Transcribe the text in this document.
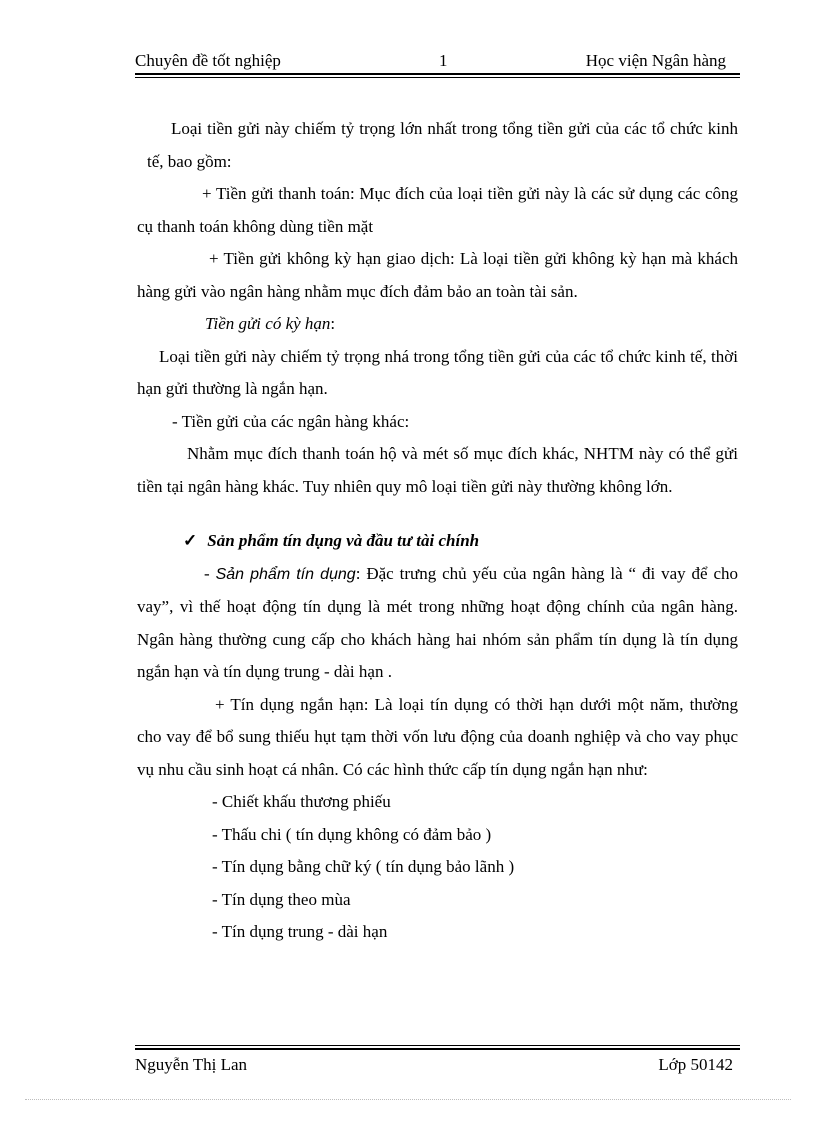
Chuyên đề tốt nghiệp	1	Học viện Ngân hàng

Loại tiền gửi này chiếm tỷ trọng lớn nhất trong tổng tiền gửi của các tổ chức kinh tế, bao gồm:

+ Tiền gửi thanh toán: Mục đích của loại tiền gửi này là các sử dụng các công cụ thanh toán không dùng tiền mặt

+ Tiền gửi không kỳ hạn giao dịch: Là loại tiền gửi không kỳ hạn mà khách hàng gửi vào ngân hàng nhằm mục đích đảm bảo an toàn tài sản.

Tiền gửi có kỳ hạn:

Loại tiền gửi này chiếm tỷ trọng nhá trong tổng tiền gửi của các tổ chức kinh tế, thời hạn gửi thường là ngắn hạn.

- Tiền gửi của các ngân hàng khác:

Nhằm mục đích thanh toán hộ và mét số mục đích khác, NHTM này có thể gửi tiền tại ngân hàng khác. Tuy nhiên quy mô loại tiền gửi này thường không lớn.

✓ Sản phẩm tín dụng và đầu tư tài chính

- Sản phẩm tín dụng: Đặc trưng chủ yếu của ngân hàng là “ đi vay để cho vay”, vì thế hoạt động tín dụng là mét trong những hoạt động chính của ngân hàng. Ngân hàng thường cung cấp cho khách hàng hai nhóm sản phẩm tín dụng là tín dụng ngắn hạn và tín dụng trung - dài hạn .

+ Tín dụng ngắn hạn: Là loại tín dụng có thời hạn dưới một năm, thường cho vay để bổ sung thiếu hụt tạm thời vốn lưu động của doanh nghiệp và cho vay phục vụ nhu cầu sinh hoạt cá nhân. Có các hình thức cấp tín dụng ngắn hạn như:

- Chiết khấu thương phiếu

- Thấu chi ( tín dụng không có đảm bảo )

- Tín dụng bằng chữ ký ( tín dụng bảo lãnh )

- Tín dụng theo mùa

- Tín dụng trung - dài hạn

Nguyễn Thị Lan	Lớp 50142
